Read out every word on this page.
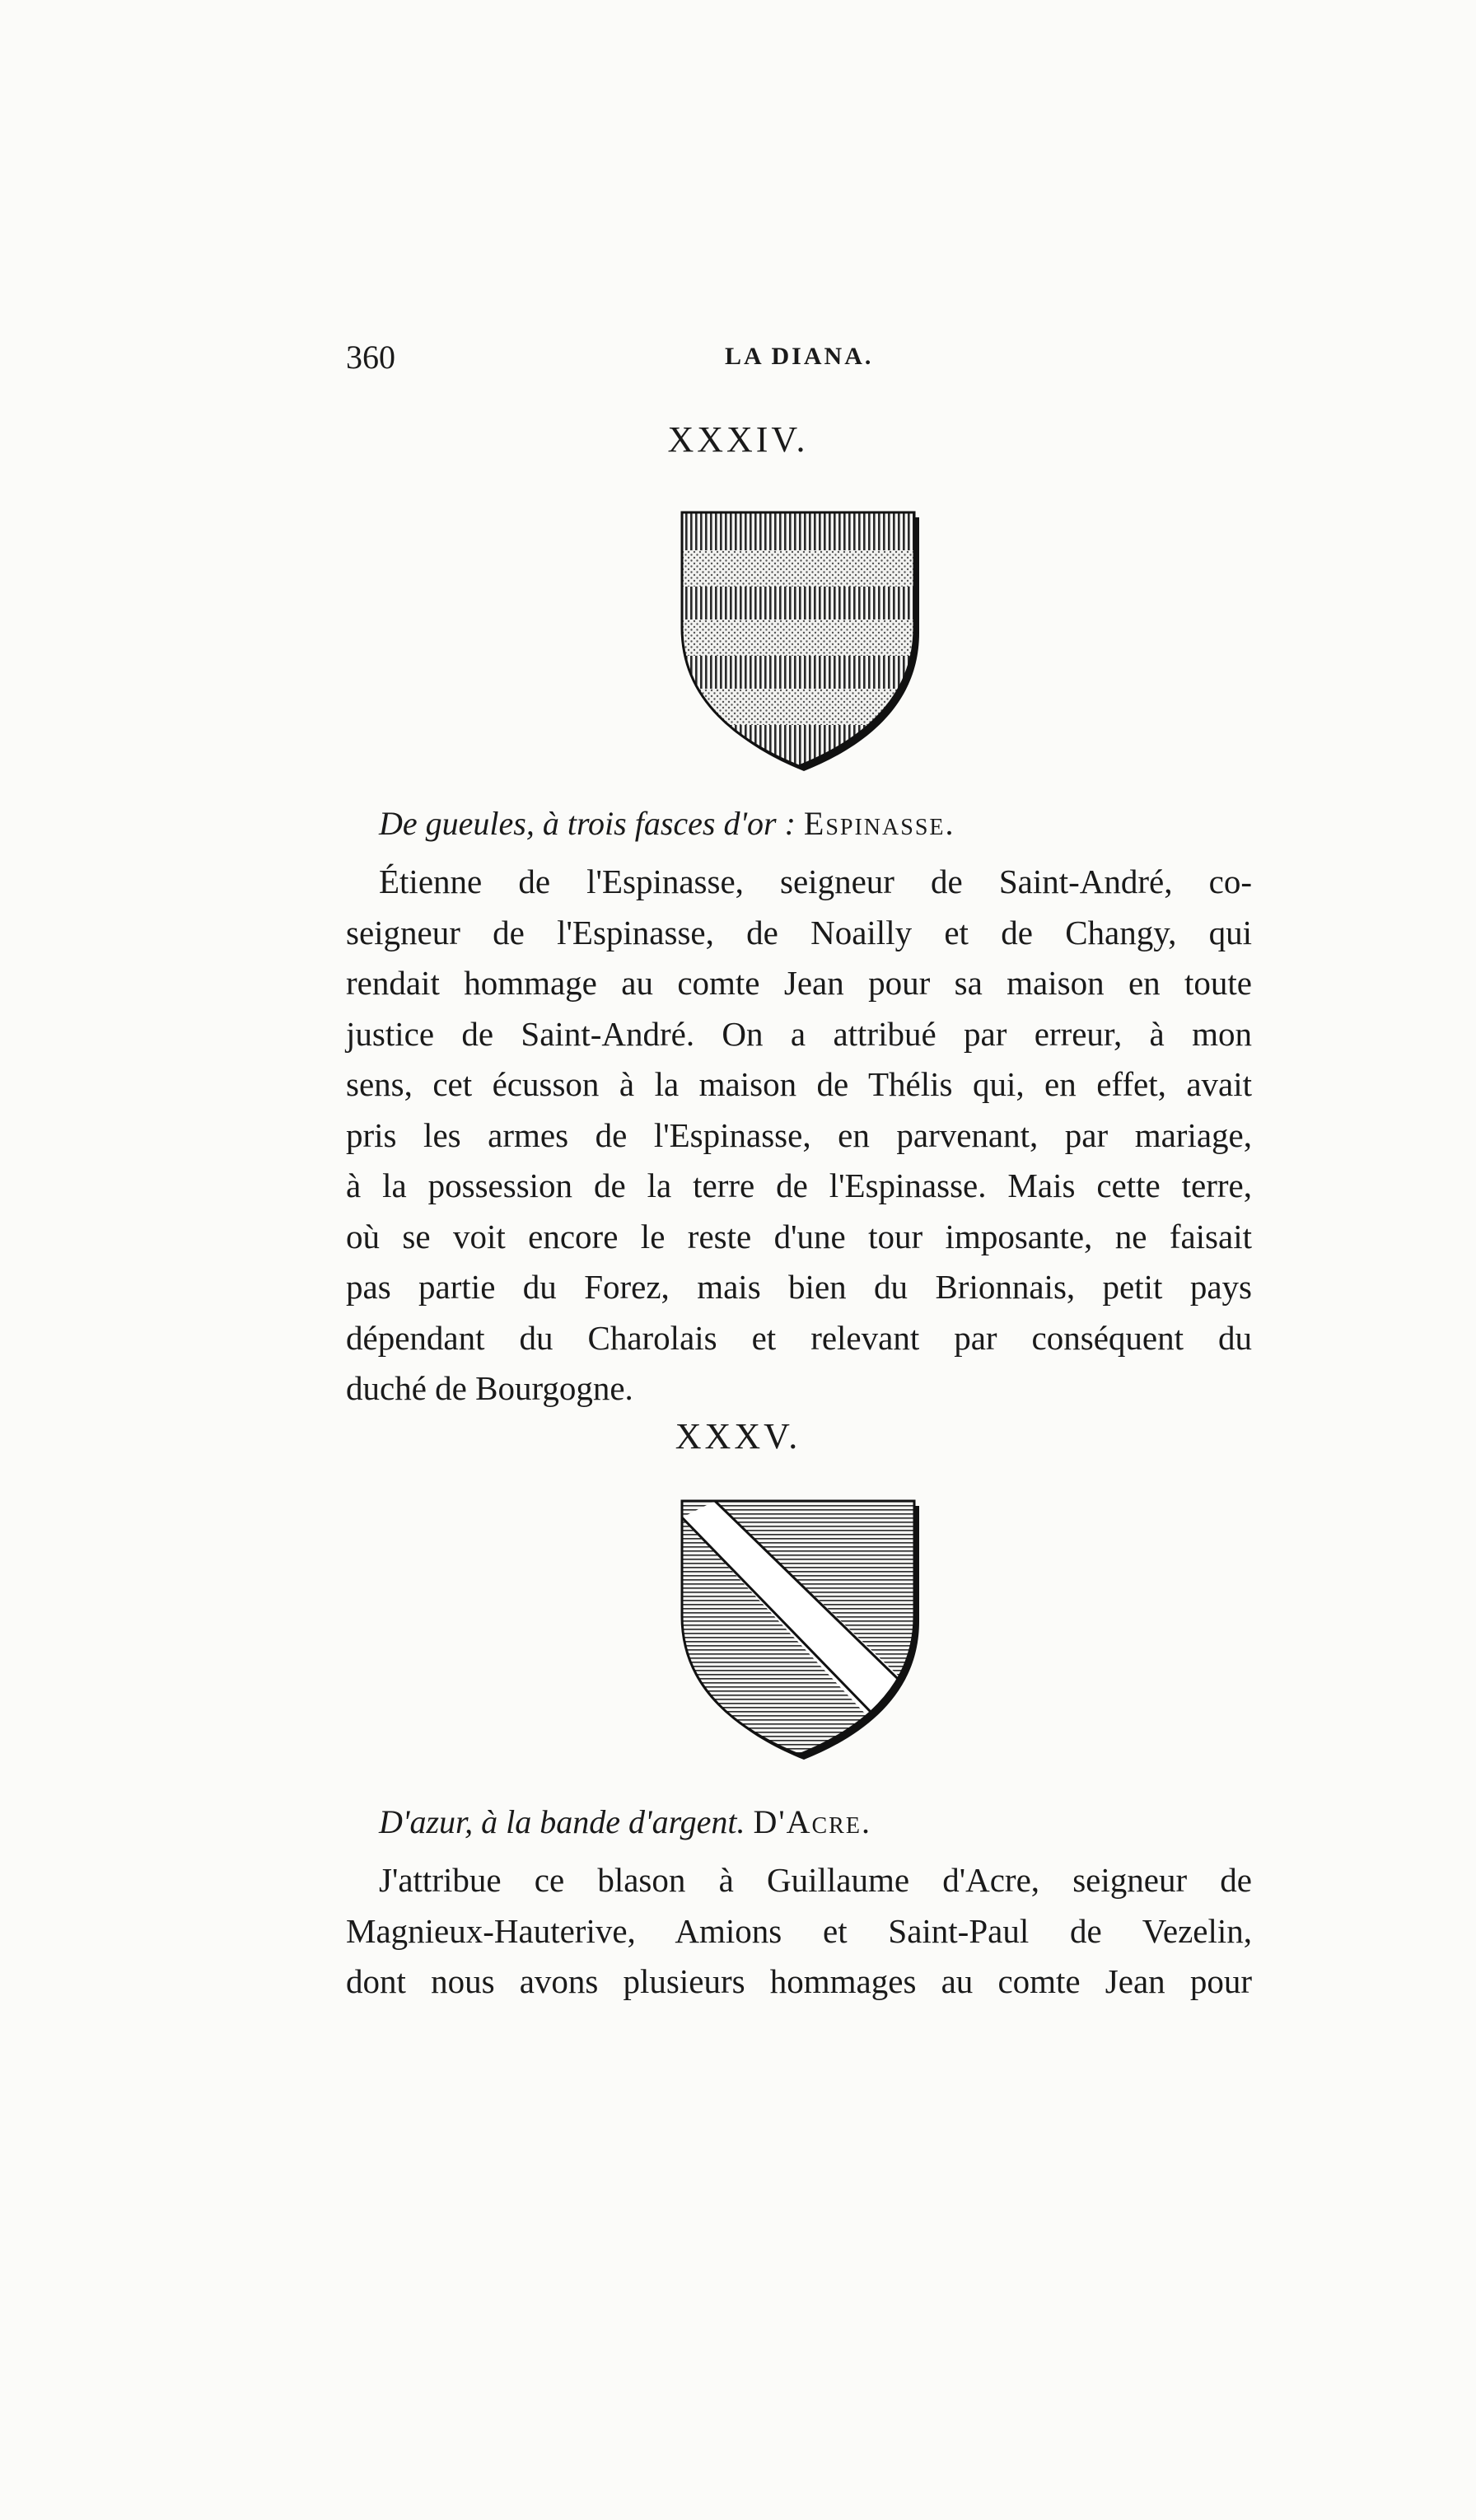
360	LA DIANA.
XXXIV.
De gueules, à trois fasces d'or : Espinasse.
Étienne de l'Espinasse, seigneur de Saint-André, co-
seigneur de l'Espinasse, de Noailly et de Changy, qui
rendait hommage au comte Jean pour sa maison en toute
justice de Saint-André. On a attribué par erreur, à mon
sens, cet écusson à la maison de Thélis qui, en effet, avait
pris les armes de l'Espinasse, en parvenant, par mariage,
à la possession de la terre de l'Espinasse. Mais cette terre,
où se voit encore le reste d'une tour imposante, ne faisait
pas partie du Forez, mais bien du Brionnais, petit pays
dépendant du Charolais et relevant par conséquent du
duché de Bourgogne.
XXXV.
D'azur, à la bande d'argent. D'Acre.
J'attribue ce blason à Guillaume d'Acre, seigneur de
Magnieux-Hauterive, Amions et Saint-Paul de Vezelin,
dont nous avons plusieurs hommages au comte Jean pour
